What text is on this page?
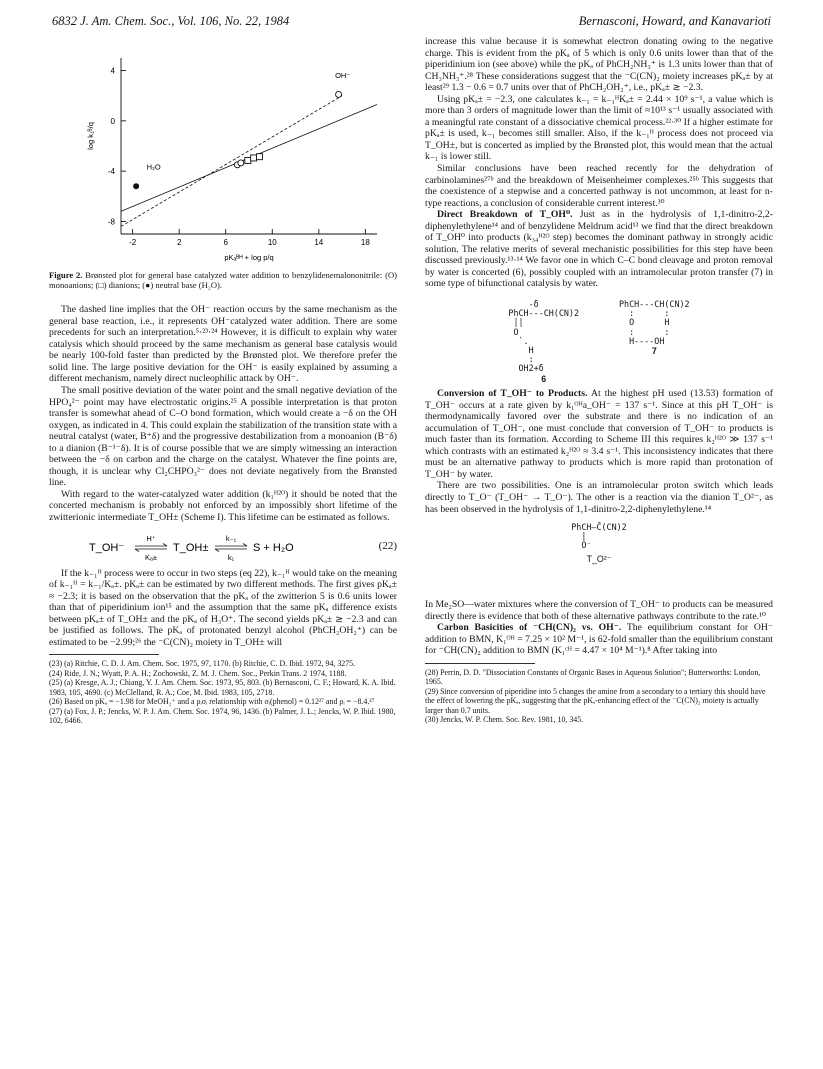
6832 J. Am. Chem. Soc., Vol. 106, No. 22, 1984	Bernasconi, Howard, and Kanavarioti
4
0
-4
-8
-2	2	6	10	14	18
log k₁ᴮ/q
pKₐᴮᴴ + log p/q
OH⁻
H₂O

Figure 2. Brønsted plot for general base catalyzed water addition to benzylidenemalononitrile: (O) monoanions; (□) dianions; (●) neutral base (H₂O).

The dashed line implies that the OH⁻ reaction occurs by the same mechanism as the general base reaction, i.e., it represents OH⁻catalyzed water addition. There are some precedents for such an interpretation.⁵·²³·²⁴ However, it is difficult to explain why water catalysis which should proceed by the same mechanism as general base catalysis would be nearly 100-fold faster than predicted by the Brønsted plot. We therefore prefer the solid line. The large positive deviation for the OH⁻ is easily explained by assuming a different mechanism, namely direct nucleophilic attack by OH⁻.

The small positive deviation of the water point and the small negative deviation of the HPO₄²⁻ point may have electrostatic origins.²⁵ A possible interpretation is that proton transfer is somewhat ahead of C–O bond formation, which would create a −δ on the OH oxygen, as indicated in 4. This could explain the stabilization of the transition state with a neutral catalyst (water, B⁺δ) and the progressive destabilization from a monoanion (B⁻δ) to a dianion (B⁻¹⁻δ). It is of course possible that we are simply witnessing an interaction between the −δ on carbon and the charge on the catalyst. Whatever the fine points are, though, it is unclear why Cl₂CHPO₃²⁻ does not deviate negatively from the Brønsted line.

With regard to the water-catalyzed water addition (k₁ᴴ²ᴼ) it should be noted that the concerted mechanism is probably not enforced by an impossibly short lifetime of the zwitterionic intermediate T_OH± (Scheme I). This lifetime can be estimated as follows.

T_OH⁻
H⁺
Kₐ±
T_OH±
k₋₁
k₁
S + H₂O	(22)

If the k₋₁ᴴ process were to occur in two steps (eq 22), k₋₁ᴴ would take on the meaning of k₋₁ᴴ = k₋₁/Kₐ±. pKₐ± can be estimated by two different methods. The first gives pKₐ± ≈ −2.3; it is based on the observation that the pKₐ of the zwitterion 5 is 0.6 units lower than that of piperidinium ion¹⁵ and the assumption that the same pKₐ difference exists between pKₐ± of T_OH± and the pKₐ of H₃O⁺. The second yields pKₐ± ≳ −2.3 and can be justified as follows. The pKₐ of protonated benzyl alcohol (PhCH₂OH₂⁺) can be estimated to be −2.99;²⁶ the ⁻C(CN)₂ moiety in T_OH± will

(23) (a) Ritchie, C. D. J. Am. Chem. Soc. 1975, 97, 1170. (b) Ritchie, C. D. Ibid. 1972, 94, 3275.
(24) Ride, J. N.; Wyatt, P. A. H.; Zochowski, Z. M. J. Chem. Soc., Perkin Trans. 2 1974, 1188.
(25) (a) Kresge, A. J.; Chiang, Y. J. Am. Chem. Soc. 1973, 95, 803. (b) Bernasconi, C. F.; Howard, K. A. Ibid. 1983, 105, 4690. (c) McClelland, R. A.; Coe, M. Ibid. 1983, 105, 2718.
(26) Based on pKₐ = −1.98 for MeOH₂⁺ and a ρᵢσᵢ relationship with σᵢ(phenol) = 0.12²⁷ and ρᵢ = −8.4.²⁷
(27) (a) Fox, J. P.; Jencks, W. P. J. Am. Chem. Soc. 1974, 96, 1436. (b) Palmer, J. L.; Jencks, W. P. Ibid. 1980, 102, 6466.

increase this value because it is somewhat electron donating owing to the negative charge. This is evident from the pKₐ of 5 which is only 0.6 units lower than that of the piperidinium ion (see above) while the pKₐ of PhCH₂NH₃⁺ is 1.3 units lower than that of CH₃NH₃⁺.²⁸ These considerations suggest that the ⁻C(CN)₂ moiety increases pKₐ± by at least²⁹ 1.3 − 0.6 = 0.7 units over that of PhCH₂OH₂⁺, i.e., pKₐ± ≳ −2.3.

Using pKₐ± = −2.3, one calculates k₋₁ = k₋₁ᴴKₐ± = 2.44 × 10⁹ s⁻¹, a value which is more than 3 orders of magnitude lower than the limit of ≈10¹³ s⁻¹ usually associated with a meaningful rate constant of a dissociative chemical process.²²·³⁰ If a higher estimate for pKₐ± is used, k₋₁ becomes still smaller. Also, if the k₋₁ᴴ process does not proceed via T_OH±, but is concerted as implied by the Brønsted plot, this would mean that the actual k₋₁ is lower still.

Similar conclusions have been reached recently for the dehydration of carbinolamines²⁷ᵇ and the breakdown of Meisenheimer complexes.²⁵ᵇ This suggests that the coexistence of a stepwise and a concerted pathway is not uncommon, at least for n-type reactions, a conclusion of considerable current interest.³⁰

Direct Breakdown of T_OH⁰. Just as in the hydrolysis of 1,1-dinitro-2,2-diphenylethylene¹⁴ and of benzylidene Meldrum acid¹³ we find that the direct breakdown of T_OH⁰ into products (k₃₄ᴴ²ᴼ step) becomes the dominant pathway in strongly acidic solution. The relative merits of several mechanistic possibilities for this step have been discussed previously.¹³·¹⁴ We favor one in which C–C bond cleavage and proton removal by water is concerted (6), possibly coupled with an intramolecular proton transfer (7) in some type of bifunctional catalysis by water.

-δ
PhCH---CH(CN)2
||
O
`.
H
:
OH2+δ
6
PhCH---CH(CN)2
:      :
O      H
:      :
H----OH
7

Conversion of T_OH⁻ to Products. At the highest pH used (13.53) formation of T_OH⁻ occurs at a rate given by k₁ᴼᴴa_OH⁻ = 137 s⁻¹. Since at this pH T_OH⁻ is thermodynamically favored over the substrate and there is no indication of an accumulation of T_OH⁻, one must conclude that conversion of T_OH⁻ to products is much faster than its formation. According to Scheme III this requires k₂ᴴ²ᴼ ≫ 137 s⁻¹ which contrasts with an estimated k₂ᴴ²ᴼ ≈ 3.4 s⁻¹. This inconsistency indicates that there must be an alternative pathway to products which is more rapid than protonation of T_OH⁻ by water.

There are two possibilities. One is an intramolecular proton switch which leads directly to T_O⁻ (T_OH⁻ → T_O⁻). The other is a reaction via the dianion T_O²⁻, as has been observed in the hydrolysis of 1,1-dinitro-2,2-diphenylethylene.¹⁴

PhCH—C̄(CN)2
|
O⁻
T_O²⁻

In Me₂SO—water mixtures where the conversion of T_OH⁻ to products can be measured directly there is evidence that both of these alternative pathways contribute to the rate.¹⁰

Carbon Basicities of ⁻CH(CN)₂ vs. OH⁻. The equilibrium constant for OH⁻ addition to BMN, K₁ᴼᴴ = 7.25 × 10² M⁻¹, is 62-fold smaller than the equilibrium constant for ⁻CH(CN)₂ addition to BMN (K₁ᶜᴴ = 4.47 × 10⁴ M⁻¹).⁸ After taking into

(28) Perrin, D. D. "Dissociation Constants of Organic Bases in Aqueous Solution"; Butterworths: London, 1965.
(29) Since conversion of piperidine into 5 changes the amine from a secondary to a tertiary this should have the effect of lowering the pKₐ, suggesting that the pKₐ-enhancing effect of the ⁻C(CN)₂ moiety is actually larger than 0.7 units.
(30) Jencks, W. P. Chem. Soc. Rev. 1981, 10, 345.
